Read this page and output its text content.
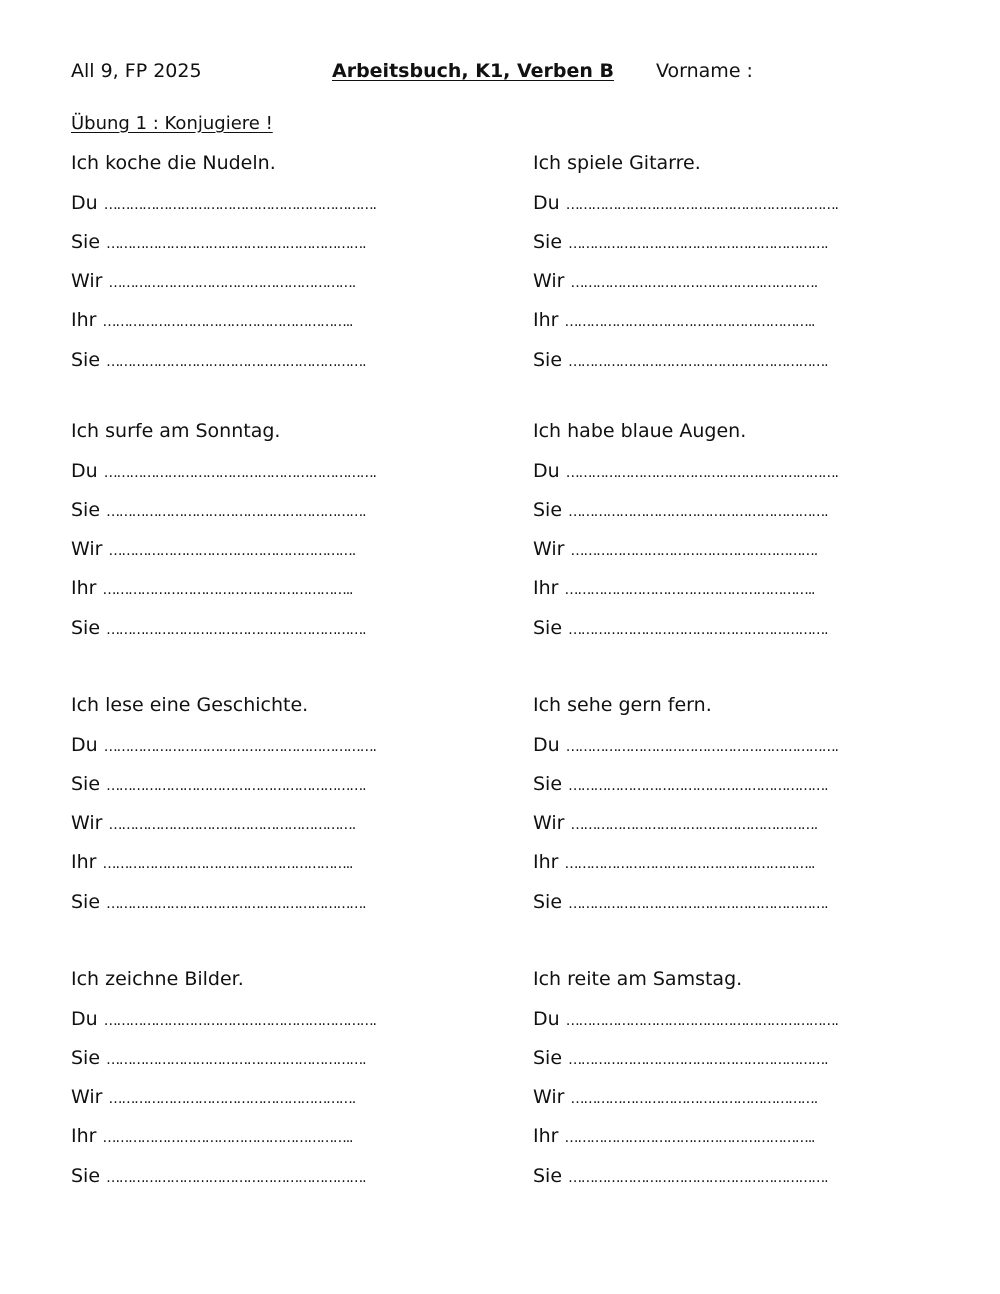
All 9, FP 2025	Arbeitsbuch, K1, Verben B Vorname :
Übung 1 : Konjugiere !
Ich koche die Nudeln.
Du ……………………………………………………….
Sie …………………………………………………….
Wir ………………………………………………….
Ihr …………………………………………………..
Sie …………………………………………………….
Ich spiele Gitarre.
Du ……………………………………………………….
Sie …………………………………………………….
Wir ………………………………………………….
Ihr …………………………………………………..
Sie …………………………………………………….
Ich surfe am Sonntag.
Du ……………………………………………………….
Sie …………………………………………………….
Wir ………………………………………………….
Ihr …………………………………………………..
Sie …………………………………………………….
Ich habe blaue Augen.
Du ……………………………………………………….
Sie …………………………………………………….
Wir ………………………………………………….
Ihr …………………………………………………..
Sie …………………………………………………….
Ich lese eine Geschichte.
Du ……………………………………………………….
Sie …………………………………………………….
Wir ………………………………………………….
Ihr …………………………………………………..
Sie …………………………………………………….
Ich sehe gern fern.
Du ……………………………………………………….
Sie …………………………………………………….
Wir ………………………………………………….
Ihr …………………………………………………..
Sie …………………………………………………….
Ich zeichne Bilder.
Du ……………………………………………………….
Sie …………………………………………………….
Wir ………………………………………………….
Ihr …………………………………………………..
Sie …………………………………………………….
Ich reite am Samstag.
Du ……………………………………………………….
Sie …………………………………………………….
Wir ………………………………………………….
Ihr …………………………………………………..
Sie …………………………………………………….
